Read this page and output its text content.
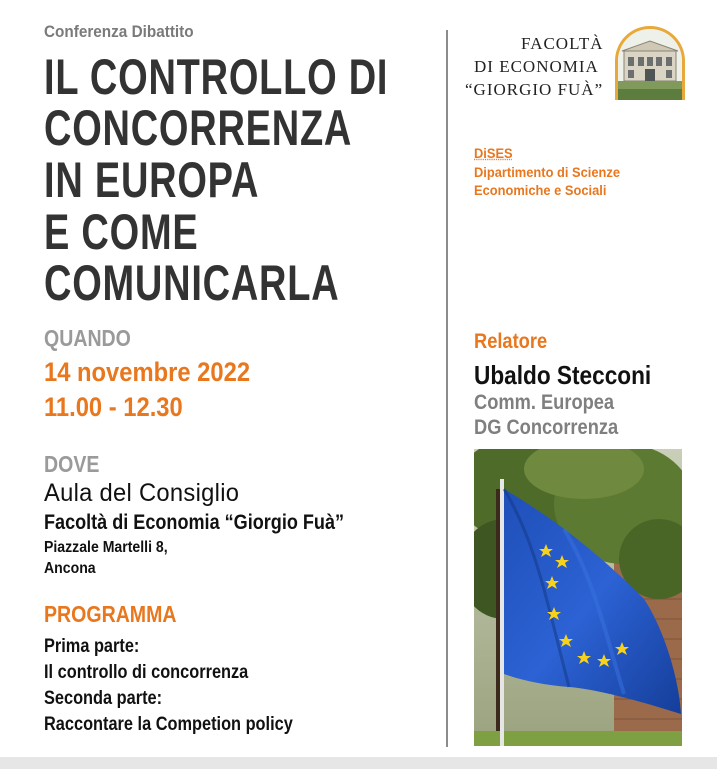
Conferenza Dibattito
IL CONTROLLO DI
CONCORRENZA
IN EUROPA
E COME
COMUNICARLA
QUANDO
14 novembre 2022
11.00 - 12.30
DOVE
Aula del Consiglio
Facoltà di Economia “Giorgio Fuà”
Piazzale Martelli 8,
Ancona
PROGRAMMA
Prima parte:
Il controllo di concorrenza
Seconda parte:
Raccontare la Competion policy
FACOLTÀ
DI ECONOMIA
“GIORGIO FUÀ”
DiSES
Dipartimento di Scienze
Economiche e Sociali
Relatore
Ubaldo Stecconi
Comm. Europea
DG Concorrenza
